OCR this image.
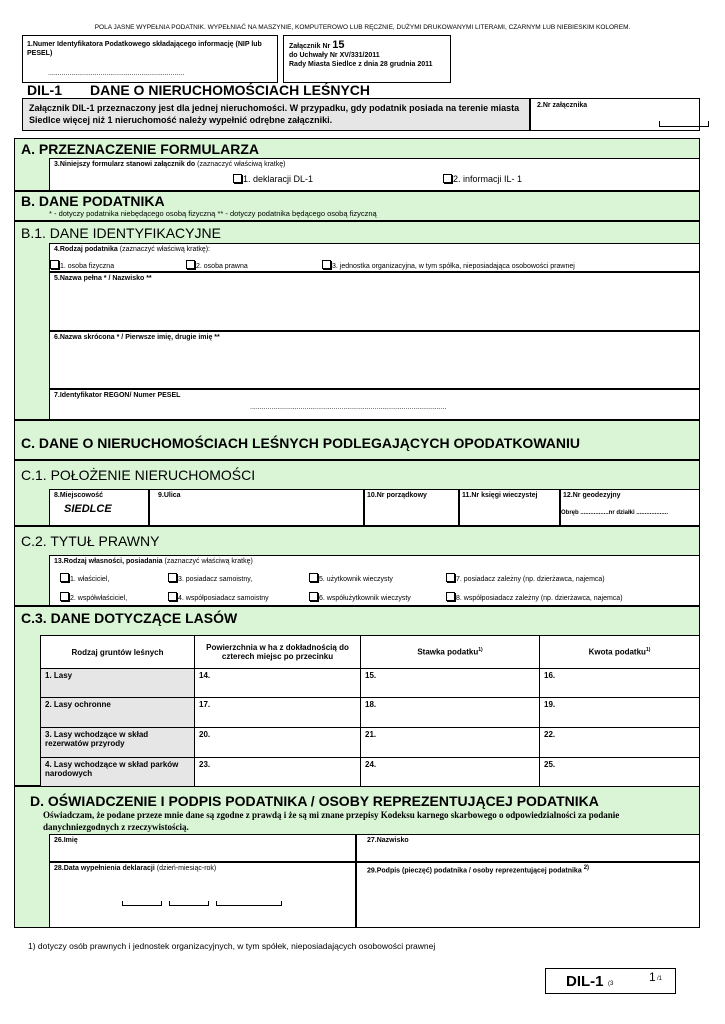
POLA JASNE WYPEŁNIA PODATNIK. WYPEŁNIAĆ NA MASZYNIE, KOMPUTEROWO LUB RĘCZNIE, DUŻYMI DRUKOWANYMI LITERAMI, CZARNYM LUB NIEBIESKIM KOLOREM.
1.Numer Identyfikatora Podatkowego składającego informację (NIP lub PESEL)
......................................................................
Załącznik Nr 15
do Uchwały Nr XV/331/2011
Rady Miasta Siedlce z dnia 28 grudnia 2011
DIL-1 DANE O NIERUCHOMOŚCIACH LEŚNYCH
Załącznik DIL-1 przeznaczony jest dla jednej nieruchomości. W przypadku, gdy podatnik posiada na terenie miasta Siedlce więcej niż 1 nieruchomość należy wypełnić odrębne załączniki.
2.Nr załącznika
A. PRZEZNACZENIE FORMULARZA
3.Niniejszy formularz stanowi załącznik do (zaznaczyć właściwą kratkę)
1. deklaracji DL-1	2. informacji IL- 1
B. DANE PODATNIKA
* - dotyczy podatnika niebędącego osobą fizyczną ** - dotyczy podatnika będącego osobą fizyczną
B.1. DANE IDENTYFIKACYJNE
4.Rodzaj podatnika (zaznaczyć właściwą kratkę):
1. osoba fizyczna	2. osoba prawna	3. jednostka organizacyjna, w tym spółka, nieposiadająca osobowości prawnej
5.Nazwa pełna * / Nazwisko **
6.Nazwa skrócona * / Pierwsze imię, drugie imię **
7.Identyfikator REGON/ Numer PESEL
.....................................................................................................
C. DANE O NIERUCHOMOŚCIACH LEŚNYCH PODLEGAJĄCYCH OPODATKOWANIU
C.1. POŁOŻENIE NIERUCHOMOŚCI
8.Miejscowość
SIEDLCE
9.Ulica	10.Nr porządkowy	11.Nr księgi wieczystej	12.Nr geodezyjny
Obręb .................nr działki ...................
C.2. TYTUŁ PRAWNY
13.Rodzaj własności, posiadania (zaznaczyć właściwą kratkę)
1. właściciel,	3. posiadacz samoistny,	5. użytkownik wieczysty	7. posiadacz zależny (np. dzierżawca, najemca)
2. współwłaściciel,	4. współposiadacz samoistny	6. współużytkownik wieczysty	8. współposiadacz zależny (np. dzierżawca, najemca)
C.3. DANE DOTYCZĄCE LASÓW
Rodzaj gruntów leśnych	Powierzchnia w ha z dokładnością do czterech miejsc po przecinku	Stawka podatku$^{1)}$	Kwota podatku$^{1)}$
1. Lasy	14.	15.	16.
2. Lasy ochronne	17.	18.	19.
3. Lasy wchodzące w skład rezerwatów przyrody	20.	21.	22.
4. Lasy wchodzące w skład parków narodowych	23.	24.	25.
D. OŚWIADCZENIE I PODPIS PODATNIKA / OSOBY REPREZENTUJĄCEJ PODATNIKA
Oświadczam, że podane przeze mnie dane są zgodne z prawdą i że są mi znane przepisy Kodeksu karnego skarbowego o odpowiedzialności za podanie danychniezgodnych z rzeczywistością.
26.Imię	27.Nazwisko
28.Data wypełnienia deklaracji (dzień-miesiąc-rok)	29.Podpis (pieczęć) podatnika / osoby reprezentującej podatnika $^{2)}$
1) dotyczy osób prawnych i jednostek organizacyjnych, w tym spółek, nieposiadających osobowości prawnej
DIL-1 (3	1 /1
